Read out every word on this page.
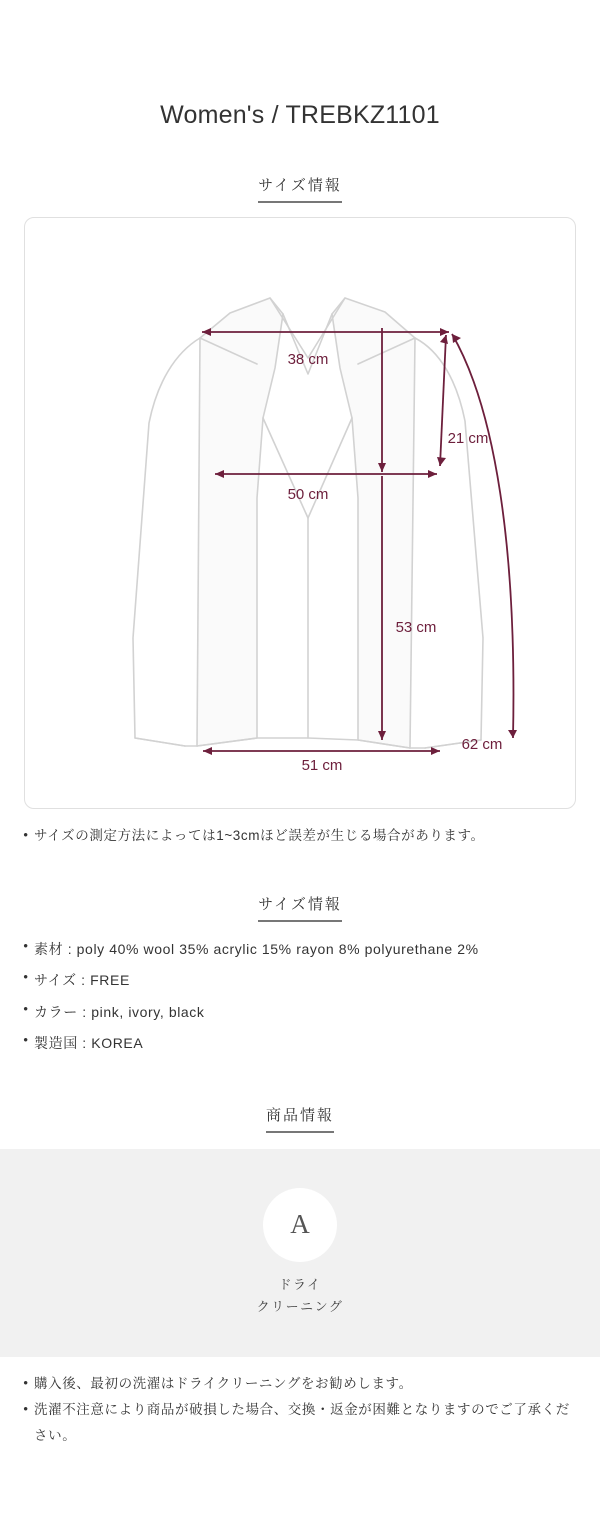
Women's / TREBKZ1101
サイズ情報
38 cm
21 cm
50 cm
53 cm
62 cm
51 cm
• サイズの測定方法によっては1~3cmほど誤差が生じる場合があります。
サイズ情報
• 素材 : poly 40% wool 35% acrylic 15% rayon 8% polyurethane 2%
• サイズ : FREE
• カラー : pink, ivory, black
• 製造国 : KOREA
商品情報
A
ドライ
クリーニング
• 購入後、最初の洗濯はドライクリーニングをお勧めします。
• 洗濯不注意により商品が破損した場合、交換・返金が困難となりますのでご了承ください。
